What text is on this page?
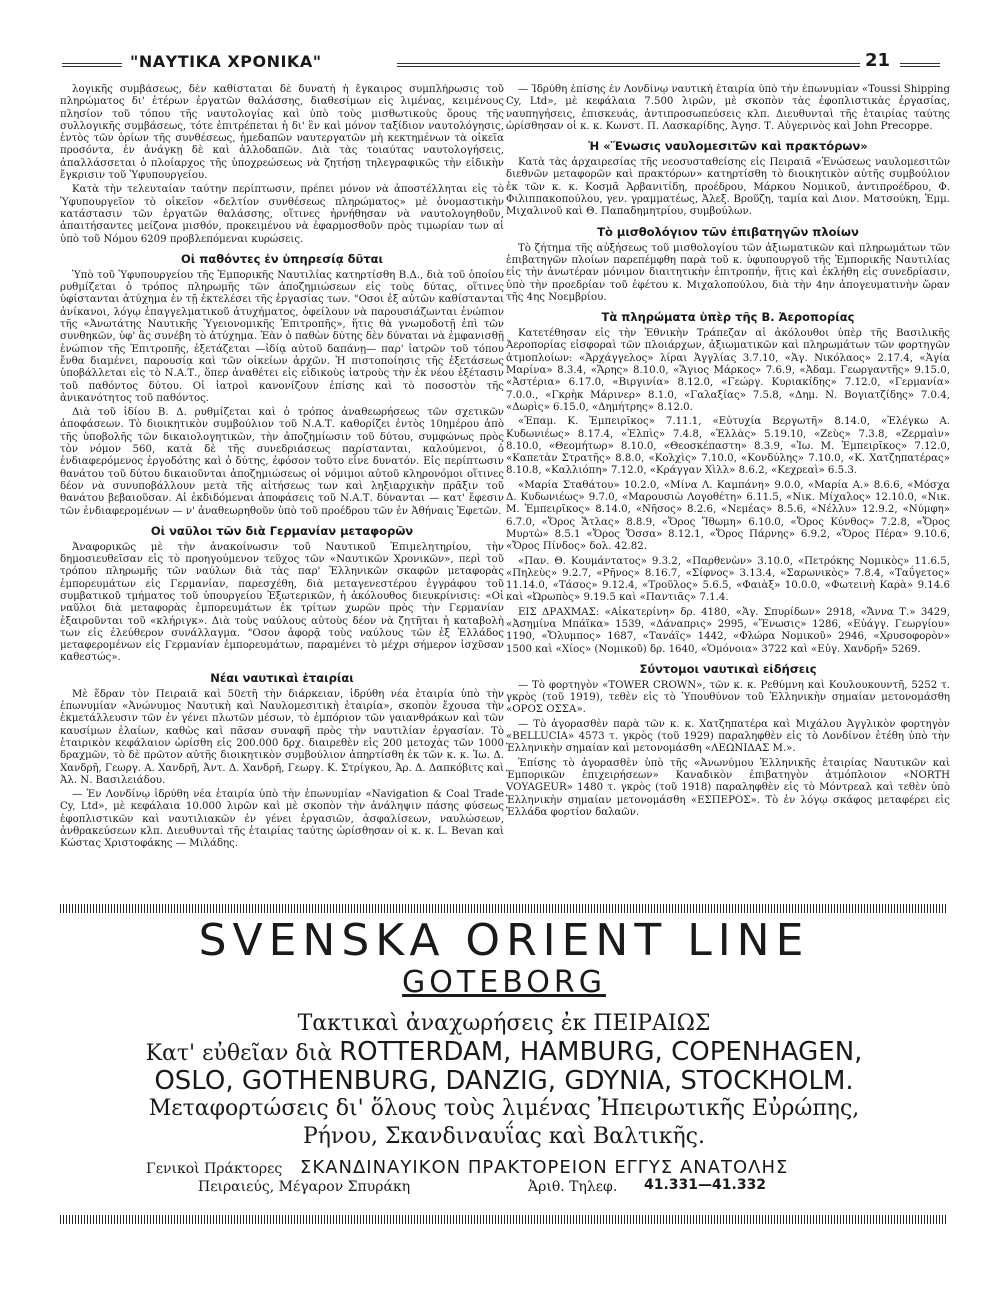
"ΝΑΥΤΙΚΑ ΧΡΟΝΙΚΑ"	21

λογικῆς συμβάσεως, δὲν καθίσταται δὲ δυνατὴ ἡ ἔγκαιρος συμπλήρωσις τοῦ πληρώματος δι' ἑτέρων ἐργατῶν θαλάσσης, διαθεσίμων εἰς λιμένας, κειμένους πλησίον τοῦ τόπου τῆς ναυτολογίας καὶ ὑπὸ τοὺς μισθωτικοὺς ὅρους τῆς συλλογικῆς συμβάσεως, τότε ἐπιτρέπεται ἡ δι' ἓν καὶ μόνον ταξίδιον ναυτολόγησις, ἐντὸς τῶν ὁρίων τῆς συνθέσεως, ἡμεδαπῶν ναυτεργατῶν μὴ κεκτημένων τὰ οἰκεῖα προσόντα, ἐν ἀνάγκῃ δὲ καὶ ἀλλοδαπῶν. Διὰ τὰς τοιαύτας ναυτολογήσεις, ἀπαλλάσσεται ὁ πλοίαρχος τῆς ὑποχρεώσεως νὰ ζητήσῃ τηλεγραφικῶς τὴν εἰδικὴν ἔγκρισιν τοῦ Ὑφυπουργείου.

Κατὰ τὴν τελευταίαν ταύτην περίπτωσιν, πρέπει μόνον νὰ ἀποστέλληται εἰς τὸ Ὑφυπουργεῖον τὸ οἰκεῖον «δελτίον συνθέσεως πληρώματος» μὲ ὀνομαστικὴν κατάστασιν τῶν ἐργατῶν θαλάσσης, οἵτινες ἠρνήθησαν νὰ ναυτολογηθοῦν, ἀπαιτήσαντες μείζονα μισθόν, προκειμένου νὰ ἐφαρμοσθοῦν πρὸς τιμωρίαν των αἱ ὑπὸ τοῦ Νόμου 6209 προβλεπόμεναι κυρώσεις.

Οἱ παθόντες ἐν ὑπηρεσίᾳ δῦται

Ὑπὸ τοῦ Ὑφυπουργείου τῆς Ἐμπορικῆς Ναυτιλίας κατηρτίσθη Β.Δ., διὰ τοῦ ὁποίου ρυθμίζεται ὁ τρόπος πληρωμῆς τῶν ἀποζημιώσεων εἰς τοὺς δύτας, οἵτινες ὑφίστανται ἀτύχημα ἐν τῇ ἐκτελέσει τῆς ἐργασίας των. "Οσοι ἐξ αὐτῶν καθίστανται ἀνίκανοι, λόγῳ ἐπαγγελματικοῦ ἀτυχήματος, ὀφείλουν νὰ παρουσιάζωνται ἐνώπιον τῆς «Ἀνωτάτης Ναυτικῆς Ὑγειονομικῆς Ἐπιτροπῆς», ἥτις θὰ γνωμοδοτῇ ἐπὶ τῶν συνθηκῶν, ὑφ' ἃς συνέβη τὸ ἀτύχημα. Ἐὰν ὁ παθὼν δύτης δὲν δύναται νὰ ἐμφανισθῇ ἐνώπιον τῆς Ἐπιτροπῆς, ἐξετάζεται —ἰδίᾳ αὐτοῦ δαπάνῃ— παρ' ἰατρῶν τοῦ τόπου ἔνθα διαμένει, παρουσίᾳ καὶ τῶν οἰκείων ἀρχῶν. Ἡ πιστοποίησις τῆς ἐξετάσεως ὑποβάλλεται εἰς τὸ Ν.Α.Τ., ὅπερ ἀναθέτει εἰς εἰδικοὺς ἰατροὺς τὴν ἐκ νέου ἐξέτασιν τοῦ παθόντος δύτου. Οἱ ἰατροὶ κανονίζουν ἐπίσης καὶ τὸ ποσοστὸν τῆς ἀνικανότητος τοῦ παθόντος.

Διὰ τοῦ ἰδίου Β. Δ. ρυθμίζεται καὶ ὁ τρόπος ἀναθεωρήσεως τῶν σχετικῶν ἀποφάσεων. Τὸ διοικητικὸν συμβούλιον τοῦ Ν.Α.Τ. καθορίζει ἐντὸς 10ημέρου ἀπὸ τῆς ὑποβολῆς τῶν δικαιολογητικῶν, τὴν ἀποζημίωσιν τοῦ δύτου, συμφώνως πρὸς τὸν νόμον 560, κατὰ δὲ τῆς συνεδριάσεως παρίστανται, καλούμενοι, ὁ ἐνδιαφερόμενος ἐργοδότης καὶ ὁ δύτης, ἐφόσον τοῦτο εἶνε δυνατόν. Εἰς περίπτωσιν θανάτου τοῦ δύτου δικαιοῦνται ἀποζημιώσεως οἱ νόμιμοι αὐτοῦ κληρονόμοι οἵτινες δέον νὰ συνυποβάλλουν μετὰ τῆς αἰτήσεως των καὶ ληξιαρχικὴν πρᾶξιν τοῦ θανάτου βεβαιοῦσαν. Αἱ ἐκδιδόμεναι ἀποφάσεις τοῦ Ν.Α.Τ. δύνανται — κατ' ἔφεσιν τῶν ἐνδιαφερομένων — ν' ἀναθεωρηθοῦν ὑπὸ τοῦ προέδρου τῶν ἐν Ἀθήναις Ἐφετῶν.

Οἱ ναῦλοι τῶν διὰ Γερμανίαν μεταφορῶν

Ἀναφορικῶς μὲ τὴν ἀνακοίνωσιν τοῦ Ναυτικοῦ Ἐπιμελητηρίου, τὴν δημοσιευθεῖσαν εἰς τὸ προηγούμενον τεῦχος τῶν «Ναυτικῶν Χρονικῶν», περὶ τοῦ τρόπου πληρωμῆς τῶν ναύλων διὰ τὰς παρ' Ἑλληνικῶν σκαφῶν μεταφορὰς ἐμπορευμάτων εἰς Γερμανίαν, παρεσχέθη, διὰ μεταγενεστέρου ἐγγράφου τοῦ συμβατικοῦ τμήματος τοῦ ὑπουργείου Ἐξωτερικῶν, ἡ ἀκόλουθος διευκρίνισις: «Οἱ ναῦλοι διὰ μεταφορὰς ἐμπορευμάτων ἐκ τρίτων χωρῶν πρὸς τὴν Γερμανίαν ἐξαιροῦνται τοῦ «κλήριγκ». Διὰ τοὺς ναύλους αὐτοὺς δέον νὰ ζητῆται ἡ καταβολὴ των εἰς ἐλεύθερον συνάλλαγμα. "Οσον ἀφορᾷ τοὺς ναύλους τῶν ἐξ Ἑλλάδος μεταφερομένων εἰς Γερμανίαν ἐμπορευμάτων, παραμένει τὸ μέχρι σήμερον ἰσχῦσαν καθεστώς».

Νέαι ναυτικαὶ ἑταιρίαι

Μὲ ἕδραν τὸν Πειραιᾶ καὶ 50ετῆ τὴν διάρκειαν, ἱδρύθη νέα ἑταιρία ὑπὸ τὴν ἐπωνυμίαν «Ἀνώνυμος Ναυτικὴ καὶ Ναυλομεσιτικὴ ἑταιρία», σκοπὸν ἔχουσα τὴν ἐκμετάλλευσιν τῶν ἐν γένει πλωτῶν μέσων, τὸ ἐμπόριον τῶν γαιανθράκων καὶ τῶν καυσίμων ἐλαίων, καθὼς καὶ πᾶσαν συναφῆ πρὸς τὴν ναυτιλίαν ἐργασίαν. Τὸ ἑταιρικὸν κεφάλαιον ὡρίσθη εἰς 200.000 δρχ. διαιρεθὲν εἰς 200 μετοχὰς τῶν 1000 δραχμῶν, τὸ δὲ πρῶτον αὐτῆς διοικητικὸν συμβούλιον ἀπηρτίσθη ἐκ τῶν κ. κ. Ἰω. Δ. Χανδρῆ, Γεωργ. Α. Χανδρῆ, Ἀντ. Δ. Χανδρῆ, Γεωργ. Κ. Στρίγκου, Ἀρ. Δ. Δαπκόβιτς καὶ Ἀλ. Ν. Βασιλειάδου.

— Ἐν Λονδίνῳ ἱδρύθη νέα ἑταιρία ὑπὸ τὴν ἐπωνυμίαν «Navigation & Coal Trade Cy, Ltd», μὲ κεφάλαια 10.000 λιρῶν καὶ μὲ σκοπὸν τὴν ἀνάληψιν πάσης φύσεως ἐφοπλιστικῶν καὶ ναυτιλιακῶν ἐν γένει ἐργασιῶν, ἀσφαλίσεων, ναυλώσεων, ἀνθρακεύσεων κλπ. Διευθυνταὶ τῆς ἑταιρίας ταύτης ὡρίσθησαν οἱ κ. κ. L. Bevan καὶ Κώστας Χριστοφάκης — Μιλάδης.

— Ἱδρύθη ἐπίσης ἐν Λονδίνῳ ναυτικὴ ἑταιρία ὑπὸ τὴν ἐπωνυμίαν «Toussi Shipping Cy, Ltd», μὲ κεφάλαια 7.500 λιρῶν, μὲ σκοπὸν τὰς ἐφοπλιστικὰς ἐργασίας, ναυπηγήσεις, ἐπισκευάς, ἀντιπροσωπεύσεις κλπ. Διευθυνταὶ τῆς ἑταιρίας ταύτης ὡρίσθησαν οἱ κ. κ. Κωνστ. Π. Λασκαρίδης, Ἀγησ. Τ. Αὐγερινὸς καὶ John Precoppe.

Ἡ «Ἕνωσις ναυλομεσιτῶν καὶ πρακτόρων»

Κατὰ τὰς ἀρχαιρεσίας τῆς νεοσυσταθείσης εἰς Πειραιᾶ «Ἑνώσεως ναυλομεσιτῶν διεθνῶν μεταφορῶν καὶ πρακτόρων» κατηρτίσθη τὸ διοικητικὸν αὐτῆς συμβούλιον ἐκ τῶν κ. κ. Κοσμᾶ Ἀρβανιτίδη, προέδρου, Μάρκου Νομικοῦ, ἀντιπροέδρου, Φ. Φιλιππακοπούλου, γεν. γραμματέως, Ἀλεξ. Βροῦζη, ταμία καὶ Διον. Ματσούκη, Ἐμμ. Μιχαλινοῦ καὶ Θ. Παπαδημητρίου, συμβούλων.

Τὸ μισθολόγιον τῶν ἐπιβατηγῶν πλοίων

Τὸ ζήτημα τῆς αὐξήσεως τοῦ μισθολογίου τῶν ἀξιωματικῶν καὶ πληρωμάτων τῶν ἐπιβατηγῶν πλοίων παρεπέμφθη παρὰ τοῦ κ. ὑφυπουργοῦ τῆς Ἐμπορικῆς Ναυτιλίας εἰς τὴν ἀνωτέραν μόνιμον διαιτητικὴν ἐπιτροπήν, ἥτις καὶ ἐκλήθη εἰς συνεδρίασιν, ὑπὸ τὴν προεδρίαν τοῦ ἐφέτου κ. Μιχαλοπούλου, διὰ τὴν 4ην ἀπογευματινὴν ὥραν τῆς 4ης Νοεμβρίου.

Τὰ πληρώματα ὑπὲρ τῆς Β. Ἀεροπορίας

Κατετέθησαν εἰς τὴν Ἐθνικὴν Τράπεζαν αἱ ἀκόλουθοι ὑπὲρ τῆς Βασιλικῆς Ἀεροπορίας εἰσφοραὶ τῶν πλοιάρχων, ἀξιωματικῶν καὶ πληρωμάτων τῶν φορτηγῶν ἀτμοπλοίων: «Ἀρχάγγελος» λίραι Ἀγγλίας 3.7.10, «Ἁγ. Νικόλαος» 2.17.4, «Ἁγία Μαρίνα» 8.3.4, «Ἄρης» 8.10.0, «Ἅγιος Μάρκος» 7.6.9, «Ἀδαμ. Γεωργαντῆς» 9.15.0, «Ἀστέρια» 6.17.0, «Βιργινία» 8.12.0, «Γεώργ. Κυριακίδης» 7.12.0, «Γερμανία» 7.0.0., «Γκρὴκ Μάρινερ» 8.1.0, «Γαλαξίας» 7.5.8, «Δημ. Ν. Βογιατζίδης» 7.0.4, «Δωρὶς» 6.15.0, «Δημήτρης» 8.12.0.

«Ἐπαμ. Κ. Ἐμπειρῖκος» 7.11.1, «Εὐτυχία Βεργωτῆ» 8.14.0, «Ἐλέγκω Α. Κυδωνιέως» 8.17.4, «Ἐλπὶς» 7.4.8, «Ἑλλὰς» 5.19.10, «Ζεὺς» 7.3.8, «Ζερμαὶν» 8.10.0, «Θεομήτωρ» 8.10.0, «Θεοσκέπαστη» 8.3.9, «Ἰω. Μ. Ἐμπειρῖκος» 7.12.0, «Καπετὰν Στρατῆς» 8.8.0, «Κολχὶς» 7.10.0, «Κονδύλης» 7.10.0, «Κ. Χατζηπατέρας» 8.10.8, «Καλλιόπη» 7.12.0, «Κράγγαν Χὶλλ» 8.6.2, «Κεχρεαὶ» 6.5.3.

«Μαρία Σταθάτου» 10.2.0, «Μίνα Λ. Καμπάνη» 9.0.0, «Μαρία Α.» 8.6.6, «Μόσχα Δ. Κυδωνιέως» 9.7.0, «Μαρουσιὼ Λογοθέτη» 6.11.5, «Νικ. Μίχαλος» 12.10.0, «Νικ. Μ. Ἐμπειρῖκος» 8.14.0, «Νῆσος» 8.2.6, «Νεμέας» 8.5.6, «Νέλλυ» 12.9.2, «Νύμφη» 6.7.0, «Ὄρος Ἄτλας» 8.8.9, «Ὄρος Ἴθωμη» 6.10.0, «Ὄρος Κύνθος» 7.2.8, «Ὄρος Μυρτὼ» 8.5.1 «Ὄρος Ὄσσα» 8.12.1, «Ὄρος Πάρνης» 6.9.2, «Ὄρος Πέρα» 9.10.6, «Ὄρος Πίνδος» δολ. 42.82.

«Παν. Θ. Κουμάντατος» 9.3.2, «Παρθενὼν» 3.10.0, «Πετρόκης Νομικὸς» 11.6.5, «Πηλεὺς» 9.2.7, «Ρῆνος» 8.16.7, «Σίφνος» 3.13.4, «Σαρωνικὸς» 7.8.4, «Ταΰγετος» 11.14.0, «Τάσος» 9.12.4, «Τροῦλος» 5.6.5, «Φαιὰξ» 10.0.0, «Φωτεινὴ Καρὰ» 9.14.6 καὶ «Ὠρωπὸς» 9.19.5 καὶ «Παντιᾶς» 7.1.4.

ΕΙΣ ΔΡΑΧΜΑΣ: «Αἰκατερίνη» δρ. 4180, «Ἁγ. Σπυρίδων» 2918, «Ἄννα Τ.» 3429, «Ἀσημίνα Μπάϊκα» 1539, «Δάναπρις» 2995, «Ἔνωσις» 1286, «Εὐάγγ. Γεωργίου» 1190, «Ὄλυμπος» 1687, «Τανάϊς» 1442, «Φλώρα Νομικοῦ» 2946, «Χρυσοφορὸν» 1500 καὶ «Χίος» (Νομικοῦ) δρ. 1640, «Ὁμόνοια» 3722 καὶ «Εὐγ. Χανδρῆ» 5269.

Σύντομοι ναυτικαὶ εἰδήσεις

— Τὸ φορτηγὸν «TOWER CROWN», τῶν κ. κ. Ρεθύμνη καὶ Κουλουκουντῆ, 5252 τ. γκρὸς (τοῦ 1919), τεθὲν εἰς τὸ Ὑπουθύνον τοῦ Ἑλληνικὴν σημαίαν μετονομάσθη «ΟΡΟΣ ΟΣΣΑ».

— Τὸ ἀγορασθὲν παρὰ τῶν κ. κ. Χατζηπατέρα καὶ Μιχάλου Ἀγγλικὸν φορτηγὸν «BELLUCIA» 4573 τ. γκρὸς (τοῦ 1929) παραληφθὲν εἰς τὸ Λονδίνον ἐτέθη ὑπὸ τὴν Ἑλληνικὴν σημαίαν καὶ μετονομάσθη «ΛΕΩΝΙΔΑΣ Μ.».

Ἐπίσης τὸ ἀγορασθὲν ὑπὸ τῆς «Ἀνωνύμου Ἑλληνικῆς ἑταιρίας Ναυτικῶν καὶ Ἐμπορικῶν ἐπιχειρήσεων» Καναδικὸν ἐπιβατηγὸν ἀτμόπλοιον «NORTH VOYAGEUR» 1480 τ. γκρὸς (τοῦ 1918) παραληφθὲν εἰς τὸ Μόντρεαλ καὶ τεθὲν ὑπὸ Ἑλληνικὴν σημαίαν μετονομάσθη «ΕΣΠΕΡΟΣ». Τὸ ἐν λόγῳ σκάφος μεταφέρει εἰς Ἑλλάδα φορτίον δαλαῶν.

SVENSKA ORIENT LINE
GOTEBORG
Τακτικαὶ ἀναχωρήσεις ἐκ ΠΕΙΡΑΙΩΣ
Κατ' εὐθεῖαν διὰ ROTTERDAM, HAMBURG, COPENHAGEN,
OSLO, GOTHENBURG, DANZIG, GDYNIA, STOCKHOLM.
Μεταφορτώσεις δι' ὅλους τοὺς λιμένας Ἠπειρωτικῆς Εὐρώπης,
Ρήνου, Σκανδιναυΐας καὶ Βαλτικῆς.
Γενικοὶ Πράκτορες ΣΚΑΝΔΙΝΑΥΙΚΟΝ ΠΡΑΚΤΟΡΕΙΟΝ ΕΓΓΥΣ ΑΝΑΤΟΛΗΣ
Πειραιεύς, Μέγαρον Σπυράκη	Ἀριθ. Τηλεφ. 41.331—41.332
